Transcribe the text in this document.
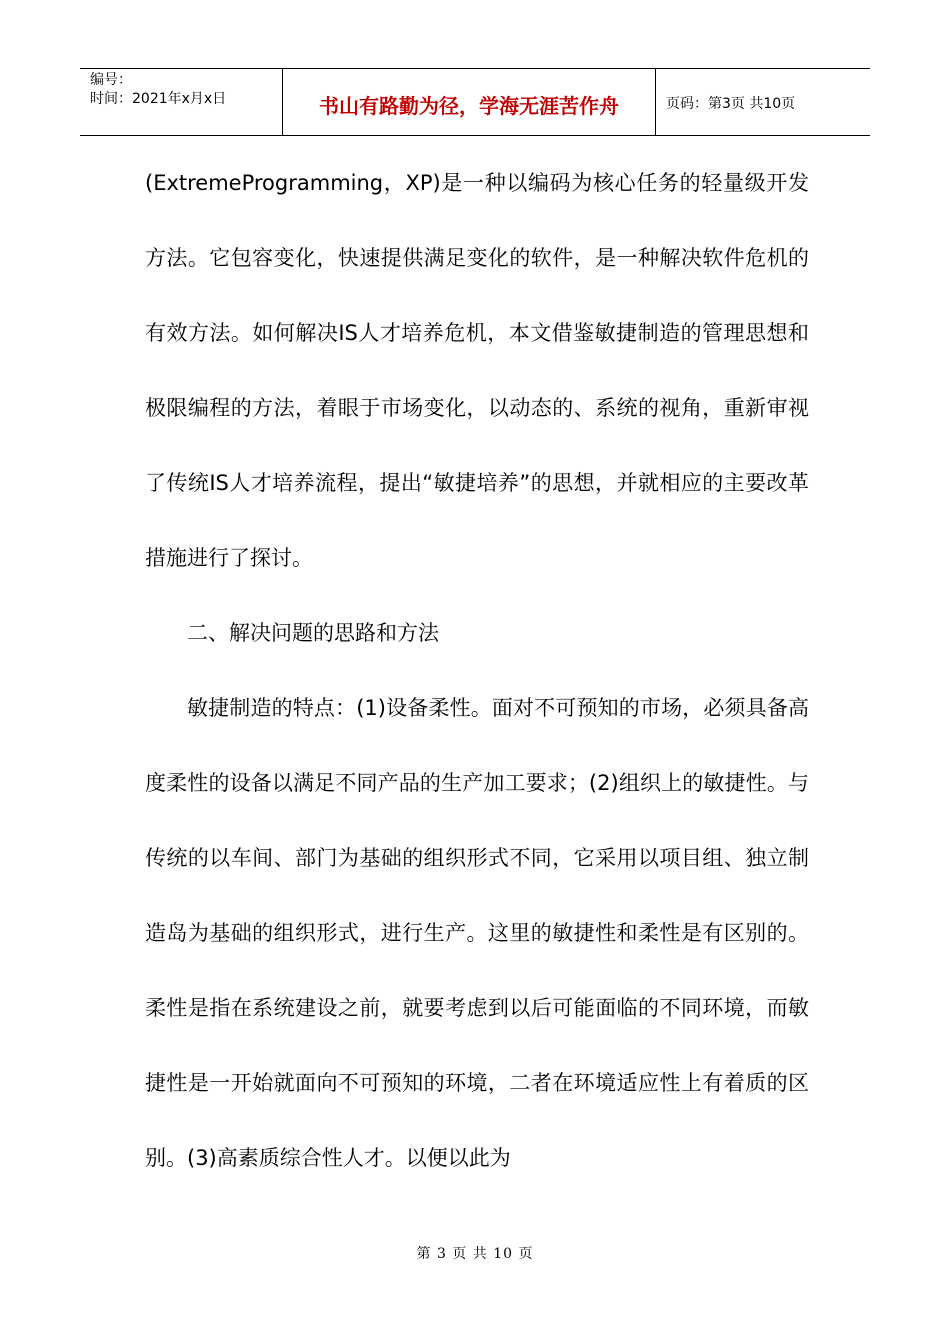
编号：
时间：2021年x月x日	书山有路勤为径，学海无涯苦作舟	页码：第3页 共10页

(ExtremeProgramming，XP)是一种以编码为核心任务的轻量级开发方法。它包容变化，快速提供满足变化的软件，是一种解决软件危机的有效方法。如何解决IS人才培养危机，本文借鉴敏捷制造的管理思想和极限编程的方法，着眼于市场变化，以动态的、系统的视角，重新审视了传统IS人才培养流程，提出“敏捷培养”的思想，并就相应的主要改革措施进行了探讨。

二、解决问题的思路和方法

敏捷制造的特点：(1)设备柔性。面对不可预知的市场，必须具备高度柔性的设备以满足不同产品的生产加工要求；(2)组织上的敏捷性。与传统的以车间、部门为基础的组织形式不同，它采用以项目组、独立制造岛为基础的组织形式，进行生产。这里的敏捷性和柔性是有区别的。柔性是指在系统建设之前，就要考虑到以后可能面临的不同环境，而敏捷性是一开始就面向不可预知的环境，二者在环境适应性上有着质的区别。(3)高素质综合性人才。以便以此为

第 3 页 共 10 页
